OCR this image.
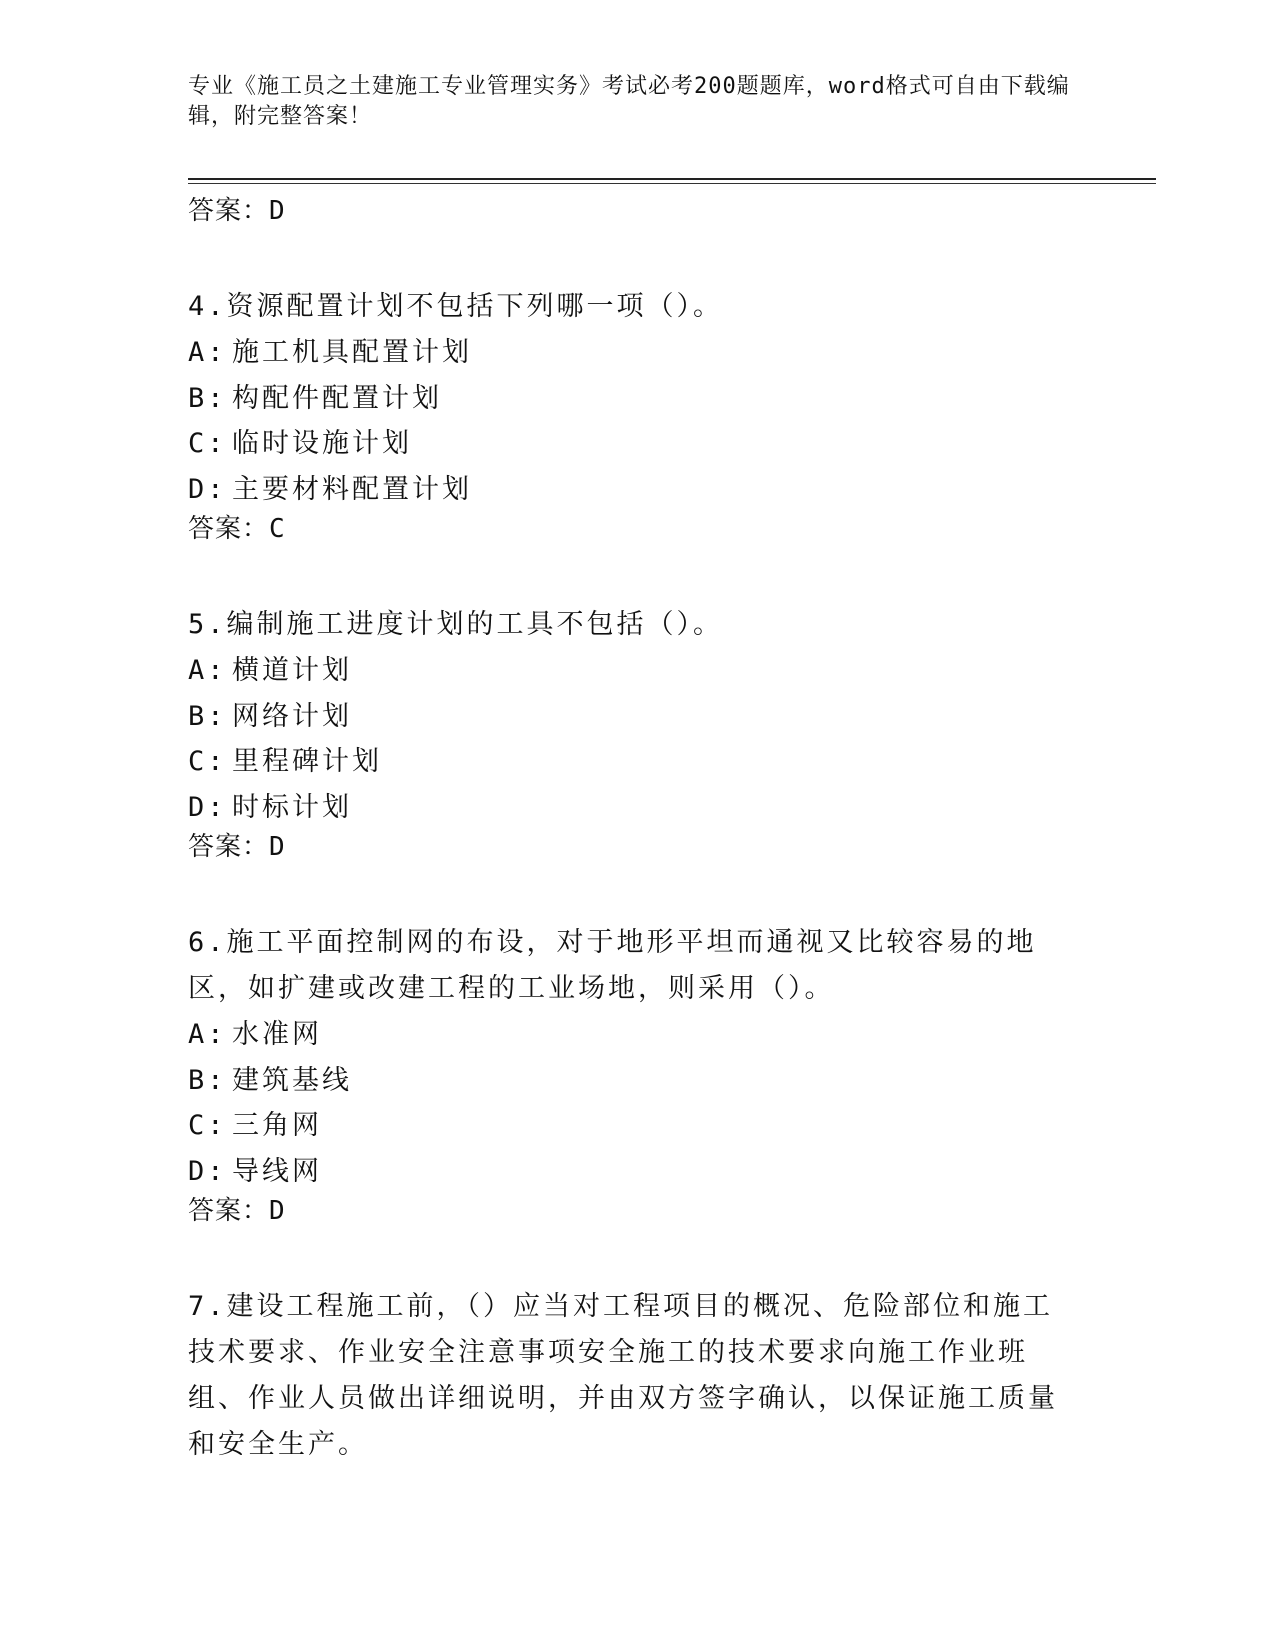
专业《施工员之土建施工专业管理实务》考试必考200题题库，word格式可自由下载编辑，附完整答案！
答案：D
4.资源配置计划不包括下列哪一项（）。
A: 施工机具配置计划
B: 构配件配置计划
C: 临时设施计划
D: 主要材料配置计划
答案：C
5.编制施工进度计划的工具不包括（）。
A: 横道计划
B: 网络计划
C: 里程碑计划
D: 时标计划
答案：D
6.施工平面控制网的布设，对于地形平坦而通视又比较容易的地区，如扩建或改建工程的工业场地，则采用（）。
A: 水准网
B: 建筑基线
C: 三角网
D: 导线网
答案：D
7.建设工程施工前，（）应当对工程项目的概况、危险部位和施工技术要求、作业安全注意事项安全施工的技术要求向施工作业班组、作业人员做出详细说明，并由双方签字确认，以保证施工质量和安全生产。
